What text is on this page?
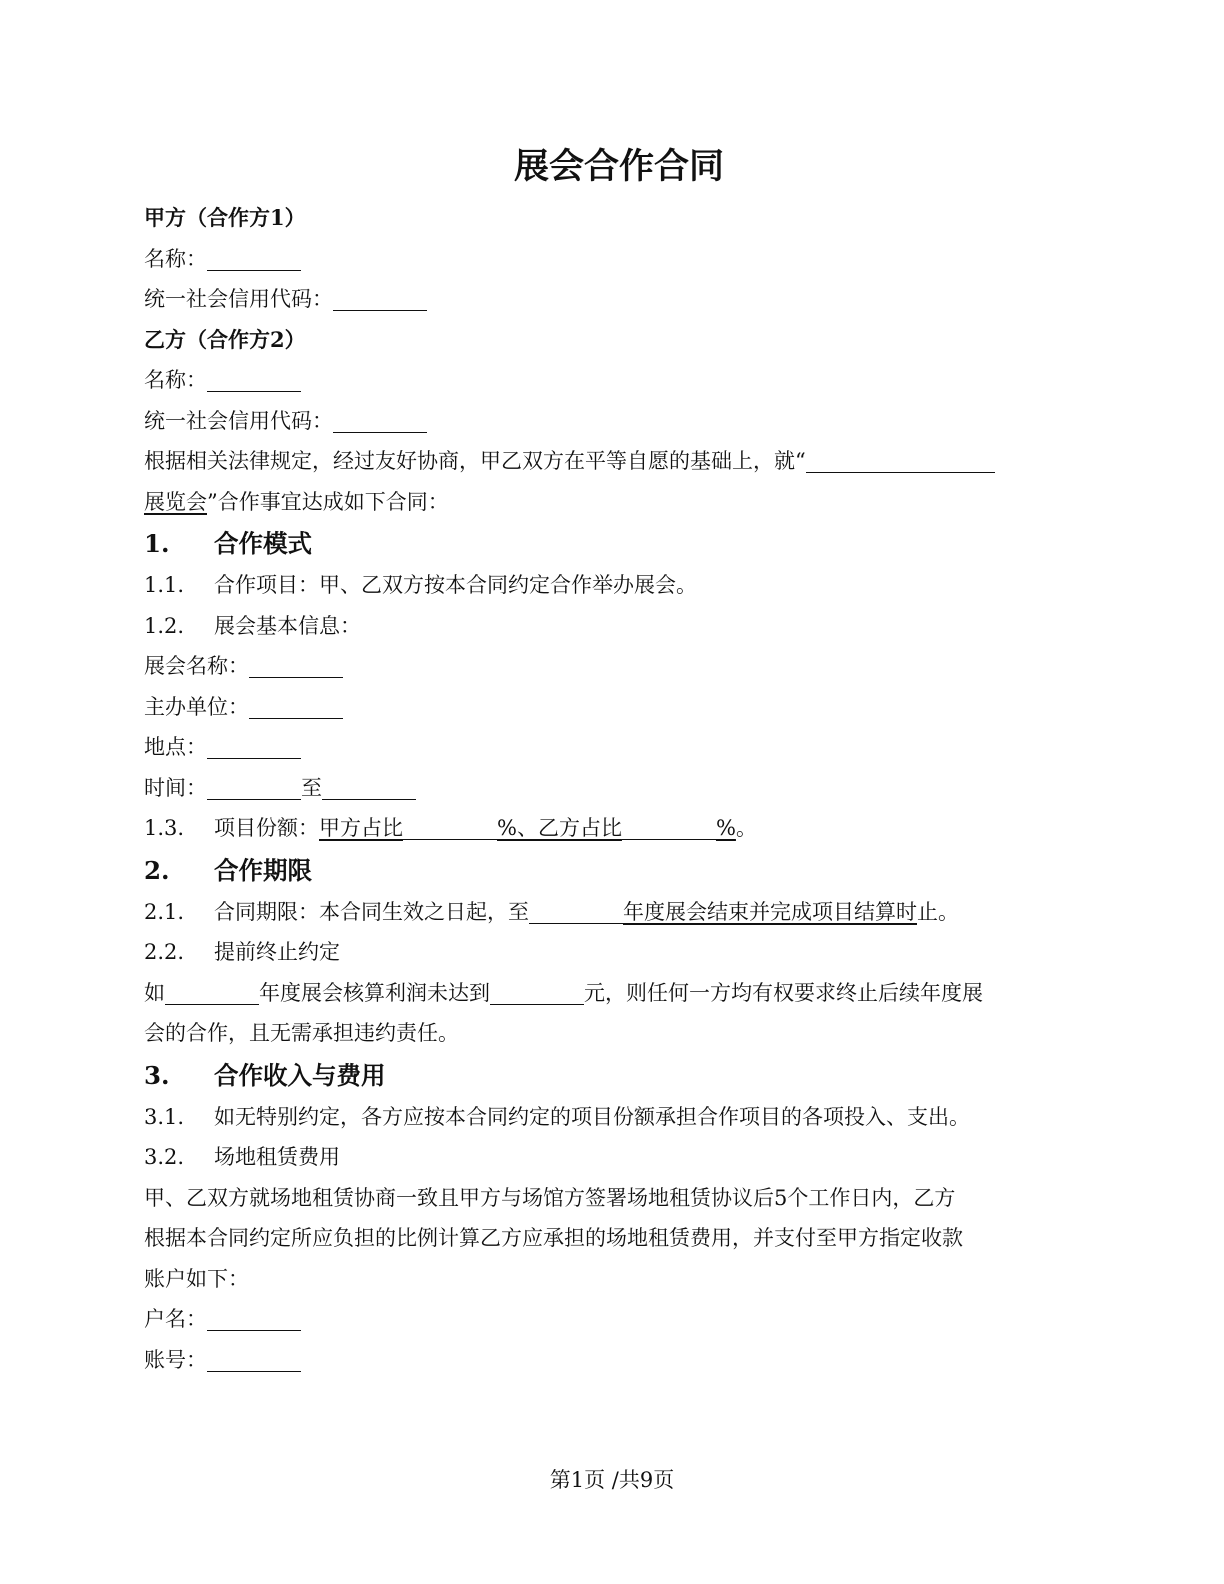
展会合作合同
甲方（合作方1）
名称：
统一社会信用代码：
乙方（合作方2）
名称：
统一社会信用代码：
根据相关法律规定，经过友好协商，甲乙双方在平等自愿的基础上，就“
展览会”合作事宜达成如下合同：
1. 合作模式
1.1. 合作项目：甲、乙双方按本合同约定合作举办展会。
1.2. 展会基本信息：
展会名称：
主办单位：
地点：
时间：	至
1.3. 项目份额：甲方占比	%、乙方占比	%。
2. 合作期限
2.1. 合同期限：本合同生效之日起，至	年度展会结束并完成项目结算时止。
2.2. 提前终止约定
如	年度展会核算利润未达到	元，则任何一方均有权要求终止后续年度展
会的合作，且无需承担违约责任。
3. 合作收入与费用
3.1. 如无特别约定，各方应按本合同约定的项目份额承担合作项目的各项投入、支出。
3.2. 场地租赁费用
甲、乙双方就场地租赁协商一致且甲方与场馆方签署场地租赁协议后5个工作日内，乙方
根据本合同约定所应负担的比例计算乙方应承担的场地租赁费用，并支付至甲方指定收款
账户如下：
户名：
账号：
第1页 /共9页
